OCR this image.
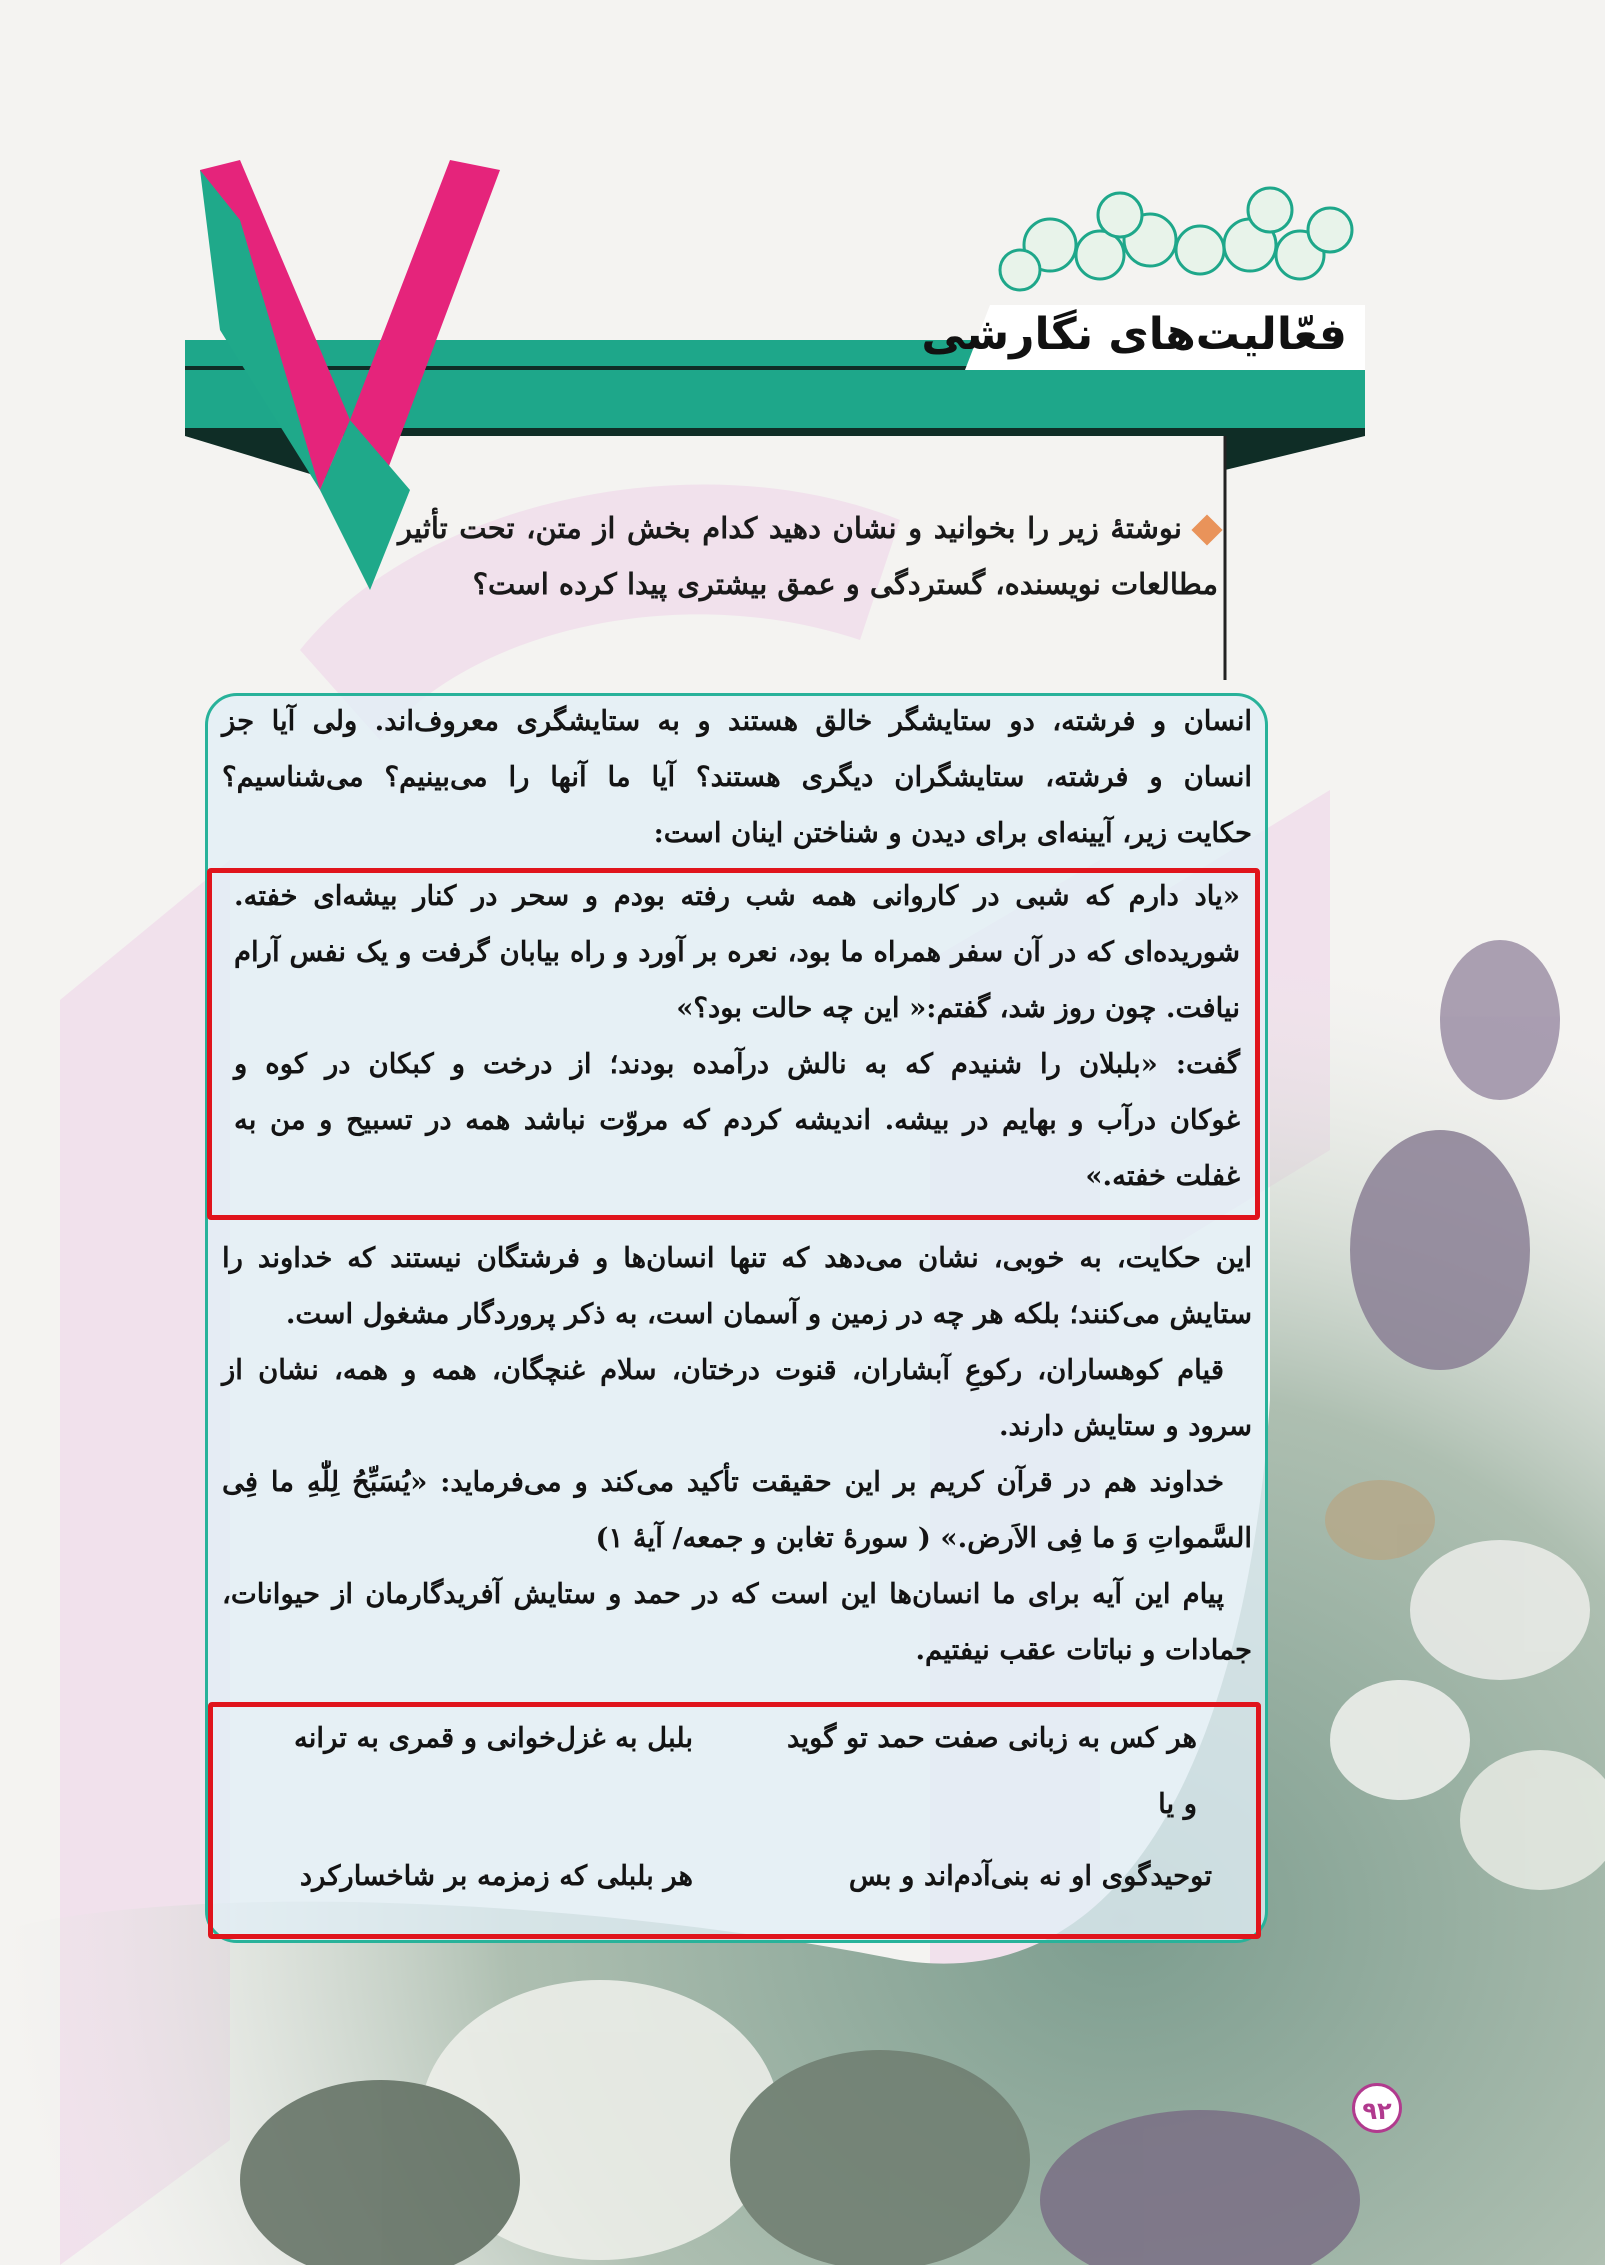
فعّالیت‌های نگارشی
نوشتهٔ زیر را بخوانید و نشان دهید کدام بخش از متن، تحت تأثیر مطالعات نویسنده، گستردگی و عمق بیشتری پیدا کرده است؟
انسان و فرشته، دو ستایشگر خالق هستند و به ستایشگری معروف‌اند. ولی آیا جز
انسان و فرشته، ستایشگران دیگری هستند؟ آیا ما آنها را می‌بینیم؟ می‌شناسیم؟
حکایت زیر، آیینه‌ای برای دیدن و شناختن اینان است:
«یاد دارم که شبی در کاروانی همه شب رفته بودم و سحر در کنار بیشه‌ای خفته.
شوریده‌ای که در آن سفر همراه ما بود، نعره بر آورد و راه بیابان گرفت و یک نفس آرام
نیافت. چون روز شد، گفتم:« این چه حالت بود؟»
گفت: «بلبلان را شنیدم که به نالش درآمده بودند؛ از درخت و کبکان در کوه و
غوکان درآب و بهایم در بیشه. اندیشه کردم که مروّت نباشد همه در تسبیح و من به
غفلت خفته.»
این حکایت، به خوبی، نشان می‌دهد که تنها انسان‌ها و فرشتگان نیستند که خداوند را ستایش می‌کنند؛ بلکه هر چه در زمین و آسمان است، به ذکر پروردگار مشغول است.
قیام کوهساران، رکوعِ آبشاران، قنوت درختان، سلام غنچگان، همه و همه، نشان از سرود و ستایش دارند.
خداوند هم در قرآن کریم بر این حقیقت تأکید می‌کند و می‌فرماید: «یُسَبِّحُ لِلّٰهِ ما فِی السَّمواتِ وَ ما فِی الاَرض.» ( سورهٔ تغابن و جمعه/ آیهٔ ۱)
پیام این آیه برای ما انسان‌ها این است که در حمد و ستایش آفریدگارمان از حیوانات، جمادات و نباتات عقب نیفتیم.
هر کس به زبانی صفت حمد تو گوید
بلبل به غزل‌خوانی و قمری به ترانه
و یا
توحیدگوی او نه بنی‌آدم‌اند و بس
هر بلبلی که زمزمه بر شاخسارکرد
۹۲
